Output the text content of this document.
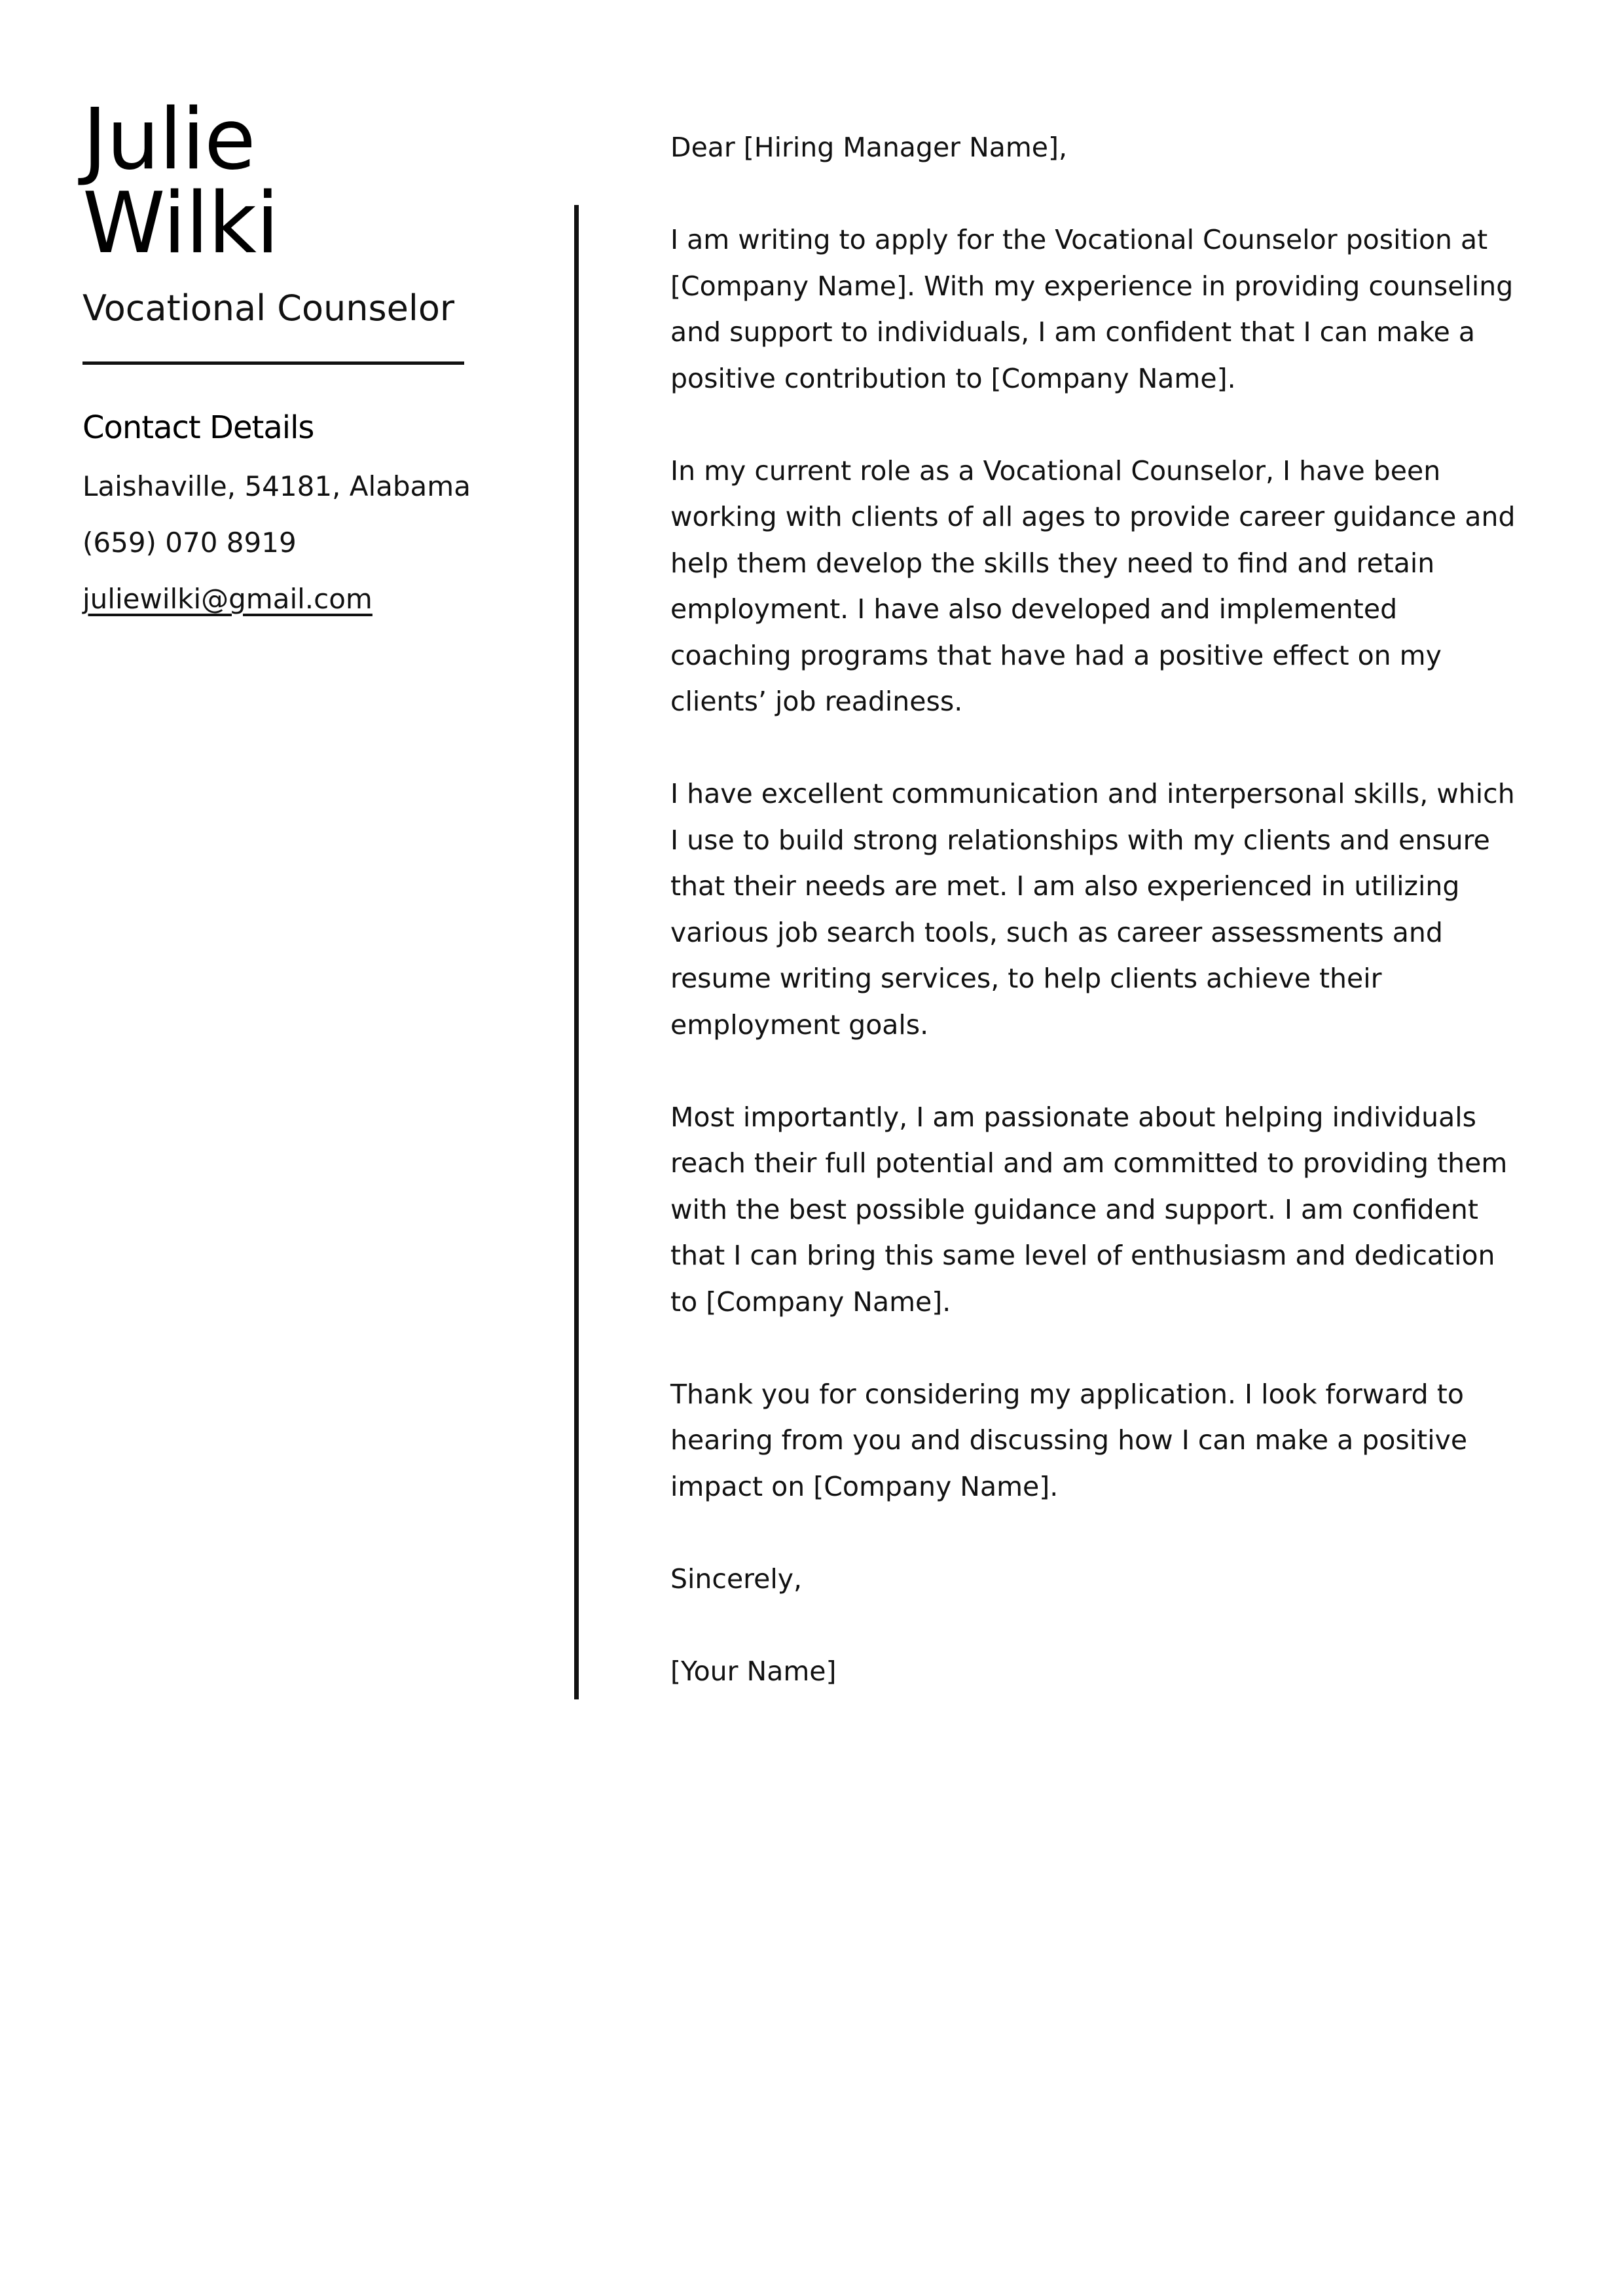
Julie
Wilki
Vocational Counselor
Contact Details
Laishaville, 54181, Alabama
(659) 070 8919
juliewilki@gmail.com

Dear [Hiring Manager Name],

I am writing to apply for the Vocational Counselor position at [Company Name]. With my experience in providing counseling and support to individuals, I am confident that I can make a positive contribution to [Company Name].

In my current role as a Vocational Counselor, I have been working with clients of all ages to provide career guidance and help them develop the skills they need to find and retain employment. I have also developed and implemented coaching programs that have had a positive effect on my clients’ job readiness.

I have excellent communication and interpersonal skills, which I use to build strong relationships with my clients and ensure that their needs are met. I am also experienced in utilizing various job search tools, such as career assessments and resume writing services, to help clients achieve their employment goals.

Most importantly, I am passionate about helping individuals reach their full potential and am committed to providing them with the best possible guidance and support. I am confident that I can bring this same level of enthusiasm and dedication to [Company Name].

Thank you for considering my application. I look forward to hearing from you and discussing how I can make a positive impact on [Company Name].

Sincerely,

[Your Name]
